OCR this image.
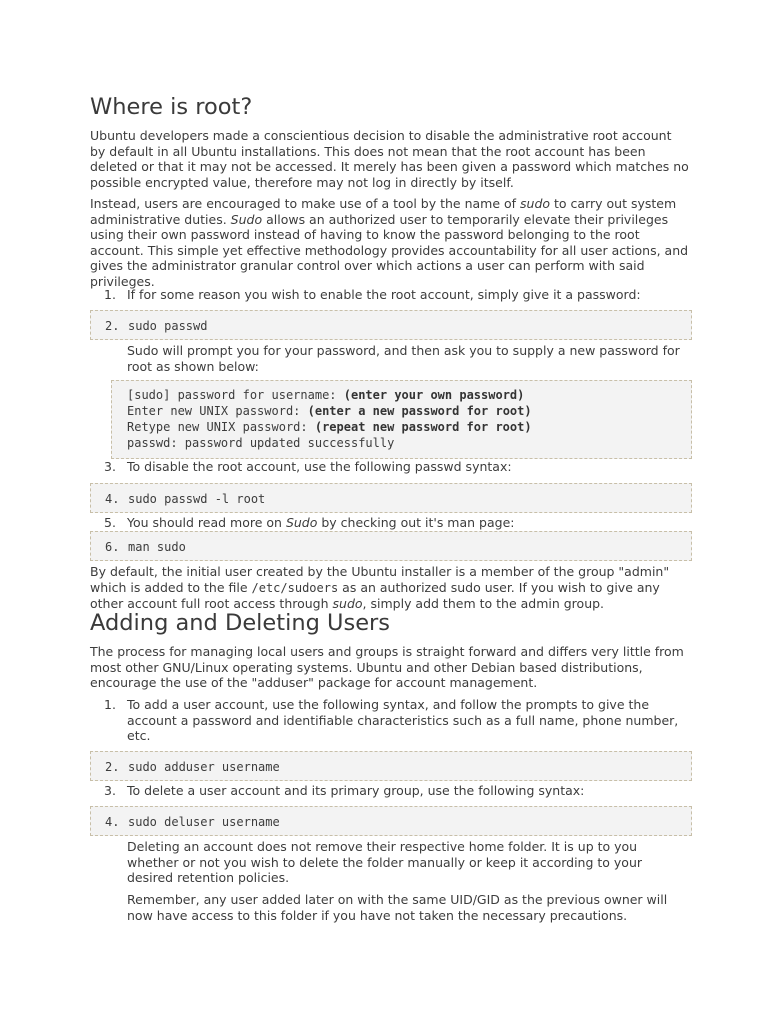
Where is root?

Ubuntu developers made a conscientious decision to disable the administrative root account by default in all Ubuntu installations. This does not mean that the root account has been deleted or that it may not be accessed. It merely has been given a password which matches no possible encrypted value, therefore may not log in directly by itself.

Instead, users are encouraged to make use of a tool by the name of sudo to carry out system administrative duties. Sudo allows an authorized user to temporarily elevate their privileges using their own password instead of having to know the password belonging to the root account. This simple yet effective methodology provides accountability for all user actions, and gives the administrator granular control over which actions a user can perform with said privileges.

1. If for some reason you wish to enable the root account, simply give it a password:
2. sudo passwd

Sudo will prompt you for your password, and then ask you to supply a new password for root as shown below:

[sudo] password for username: (enter your own password)
Enter new UNIX password: (enter a new password for root)
Retype new UNIX password: (repeat new password for root)
passwd: password updated successfully
3. To disable the root account, use the following passwd syntax:
4. sudo passwd -l root
5. You should read more on Sudo by checking out it's man page:
6. man sudo

By default, the initial user created by the Ubuntu installer is a member of the group "admin" which is added to the file /etc/sudoers as an authorized sudo user. If you wish to give any other account full root access through sudo, simply add them to the admin group.

Adding and Deleting Users

The process for managing local users and groups is straight forward and differs very little from most other GNU/Linux operating systems. Ubuntu and other Debian based distributions, encourage the use of the "adduser" package for account management.

1. To add a user account, use the following syntax, and follow the prompts to give the account a password and identifiable characteristics such as a full name, phone number, etc.
2. sudo adduser username
3. To delete a user account and its primary group, use the following syntax:
4. sudo deluser username

Deleting an account does not remove their respective home folder. It is up to you whether or not you wish to delete the folder manually or keep it according to your desired retention policies.

Remember, any user added later on with the same UID/GID as the previous owner will now have access to this folder if you have not taken the necessary precautions.
